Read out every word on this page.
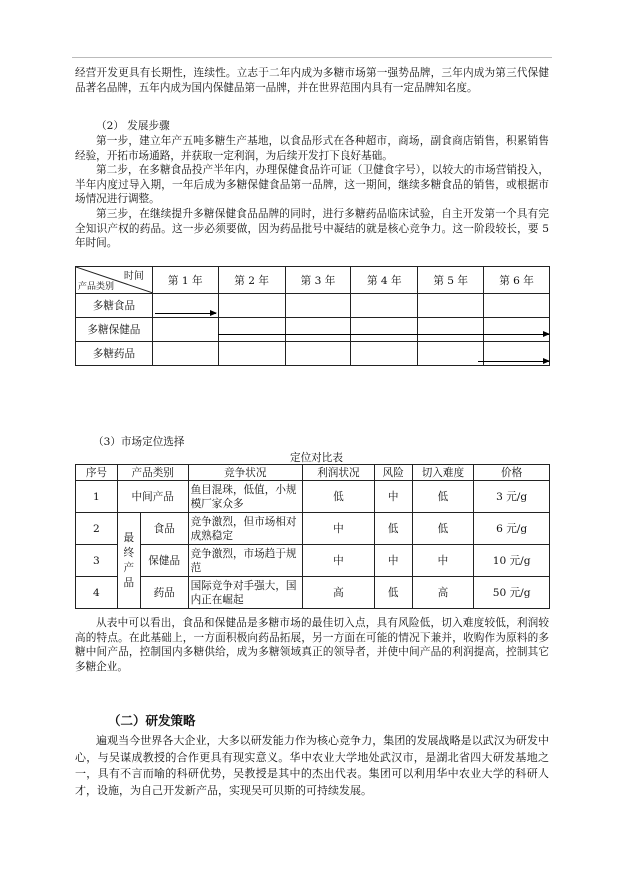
经营开发更具有长期性，连续性。立志于二年内成为多糖市场第一强势品牌，三年内成为第三代保健品著名品牌，五年内成为国内保健品第一品牌，并在世界范围内具有一定品牌知名度。
（2） 发展步骤
第一步，建立年产五吨多糖生产基地，以食品形式在各种超市，商场，副食商店销售，积累销售经验，开拓市场通路，并获取一定利润，为后续开发打下良好基础。
第二步，在多糖食品投产半年内，办理保健食品许可证（卫健食字号），以较大的市场营销投入，半年内度过导入期，一年后成为多糖保健食品第一品牌，这一期间，继续多糖食品的销售，或根据市场情况进行调整。
第三步，在继续提升多糖保健食品品牌的同时，进行多糖药品临床试验，自主开发第一个具有完全知识产权的药品。这一步必须要做，因为药品批号中凝结的就是核心竞争力。这一阶段较长，要 5 年时间。
时间
产品类别	第 1 年	第 2 年	第 3 年	第 4 年	第 5 年	第 6 年
多糖食品						
多糖保健品						
多糖药品						
（3）市场定位选择
定位对比表
序号	产品类别		竞争状况	利润状况	风险	切入难度	价格
1	中间产品		鱼目混珠，低值，小规模厂家众多	低	中	低	3 元/g
2	最终产品	食品	竞争激烈，但市场相对成熟稳定	中	低	低	6 元/g
3		保健品	竞争激烈，市场趋于规范	中	中	中	10 元/g
4		药品	国际竞争对手强大，国内正在崛起	高	低	高	50 元/g
从表中可以看出，食品和保健品是多糖市场的最佳切入点，具有风险低，切入难度较低，利润较高的特点。在此基础上，一方面积极向药品拓展，另一方面在可能的情况下兼并，收购作为原料的多糖中间产品，控制国内多糖供给，成为多糖领域真正的领导者，并使中间产品的利润提高，控制其它多糖企业。
（二）研发策略
遍观当今世界各大企业，大多以研发能力作为核心竞争力，集团的发展战略是以武汉为研发中心，与吴谋成教授的合作更具有现实意义。华中农业大学地处武汉市，是湖北省四大研发基地之一，具有不言而喻的科研优势，吴教授是其中的杰出代表。集团可以利用华中农业大学的科研人才，设施，为自己开发新产品，实现吴可贝斯的可持续发展。
